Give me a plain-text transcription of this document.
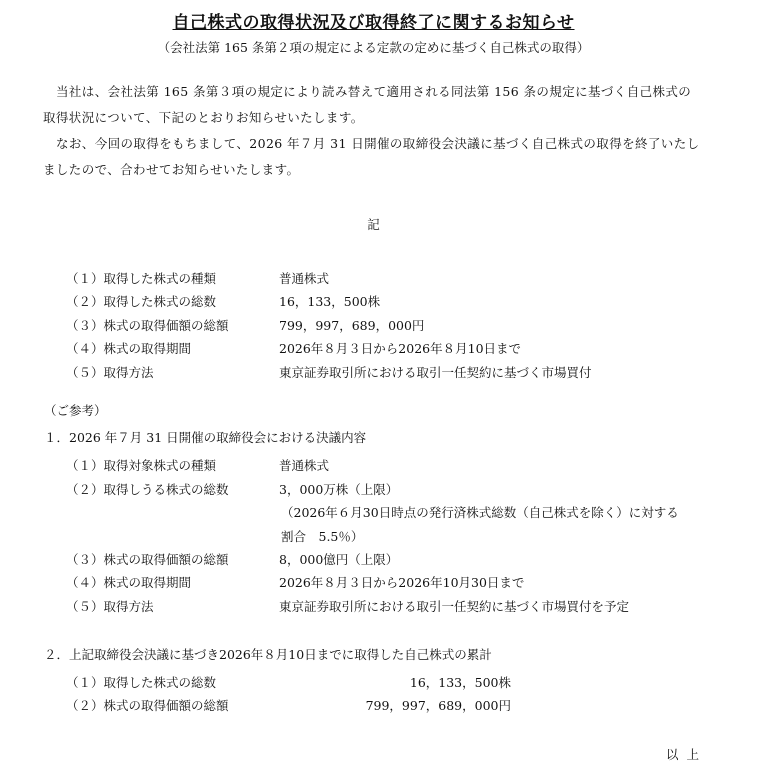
自己株式の取得状況及び取得終了に関するお知らせ
（会社法第 165 条第２項の規定による定款の定めに基づく自己株式の取得）
当社は、会社法第 165 条第３項の規定により読み替えて適用される同法第 156 条の規定に基づく自己株式の取得状況について、下記のとおりお知らせいたします。
なお、今回の取得をもちまして、2026 年７月 31 日開催の取締役会決議に基づく自己株式の取得を終了いたしましたので、合わせてお知らせいたします。
記
（１）取得した株式の種類	普通株式
（２）取得した株式の総数	16，133，500株
（３）株式の取得価額の総額	799，997，689，000円
（４）株式の取得期間	2026年８月３日から2026年８月10日まで
（５）取得方法	東京証券取引所における取引一任契約に基づく市場買付
（ご参考）
１．2026 年７月 31 日開催の取締役会における決議内容
（１）取得対象株式の種類	普通株式
（２）取得しうる株式の総数	3，000万株（上限）
（2026年６月30日時点の発行済株式総数（自己株式を除く）に対する
割合　5.5％）
（３）株式の取得価額の総額	8，000億円（上限）
（４）株式の取得期間	2026年８月３日から2026年10月30日まで
（５）取得方法	東京証券取引所における取引一任契約に基づく市場買付を予定
２．上記取締役会決議に基づき2026年８月10日までに取得した自己株式の累計
（１）取得した株式の総数	16，133，500株
（２）株式の取得価額の総額	799，997，689，000円
以上
